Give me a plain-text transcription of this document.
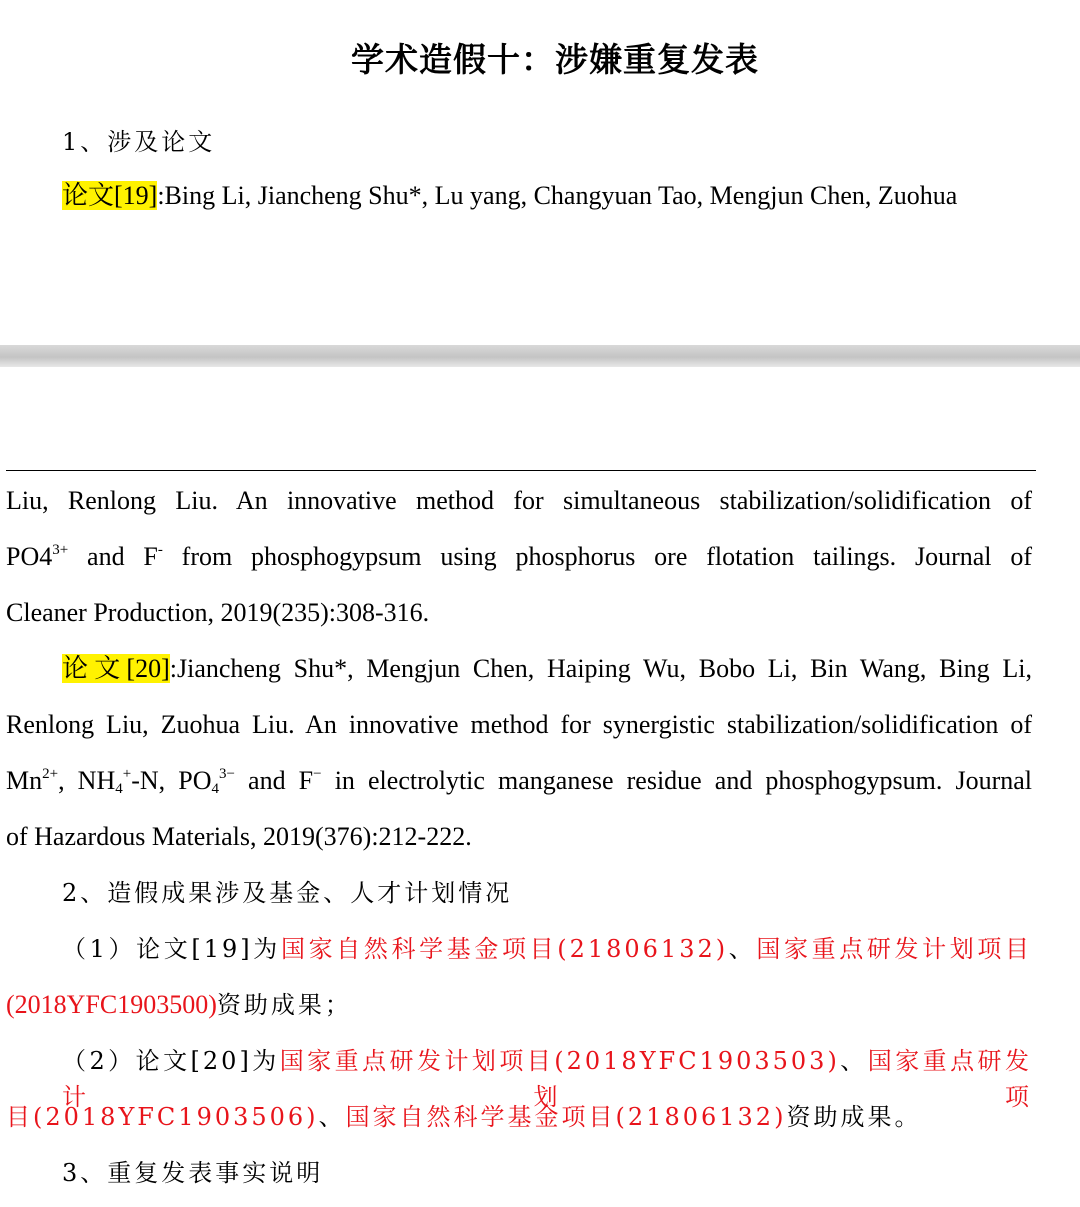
学术造假十：涉嫌重复发表
1、涉及论文
论文[19]:Bing Li, Jiancheng Shu*, Lu yang, Changyuan Tao, Mengjun Chen, Zuohua
Liu, Renlong Liu. An innovative method for simultaneous stabilization/solidification of
$PO4^{3+}$ and F- from phosphogypsum using phosphorus ore flotation tailings. Journal of
Cleaner Production, 2019(235):308-316.
论文[20]:Jiancheng Shu*, Mengjun Chen, Haiping Wu, Bobo Li, Bin Wang, Bing Li,
Renlong Liu, Zuohua Liu. An innovative method for synergistic stabilization/solidification of
$Mn^{2+}$, $NH_4^+-N$, $PO_4^{3-}$ and F− in electrolytic manganese residue and phosphogypsum. Journal
of Hazardous Materials, 2019(376):212-222.
2、造假成果涉及基金、人才计划情况
（1）论文[19]为国家自然科学基金项目(21806132)、国家重点研发计划项目
(2018YFC1903500)资助成果；
（2）论文[20]为国家重点研发计划项目(2018YFC1903503)、国家重点研发计划项
目(2018YFC1903506)、国家自然科学基金项目(21806132)资助成果。
3、重复发表事实说明
